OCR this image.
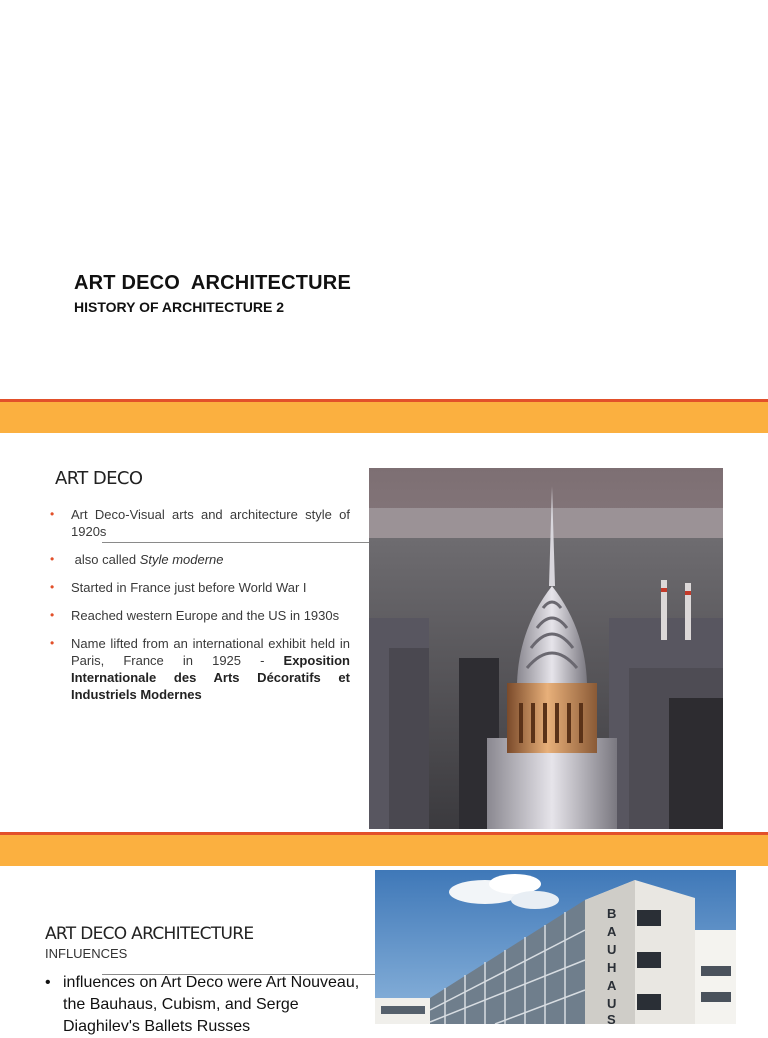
ART DECO  ARCHITECTURE
HISTORY OF ARCHITECTURE 2
ART DECO
• Art Deco-Visual arts and architecture style of 1920s
• also called Style moderne
• Started in France just before World War I
• Reached western Europe and the US in 1930s
• Name lifted from an international exhibit held in Paris, France in 1925 - Exposition Internationale des Arts Décoratifs et Industriels Modernes
ART DECO ARCHITECTURE
INFLUENCES
• influences on Art Deco were Art Nouveau, the Bauhaus, Cubism, and Serge Diaghilev's Ballets Russes
B
A
U
H
A
U
S
